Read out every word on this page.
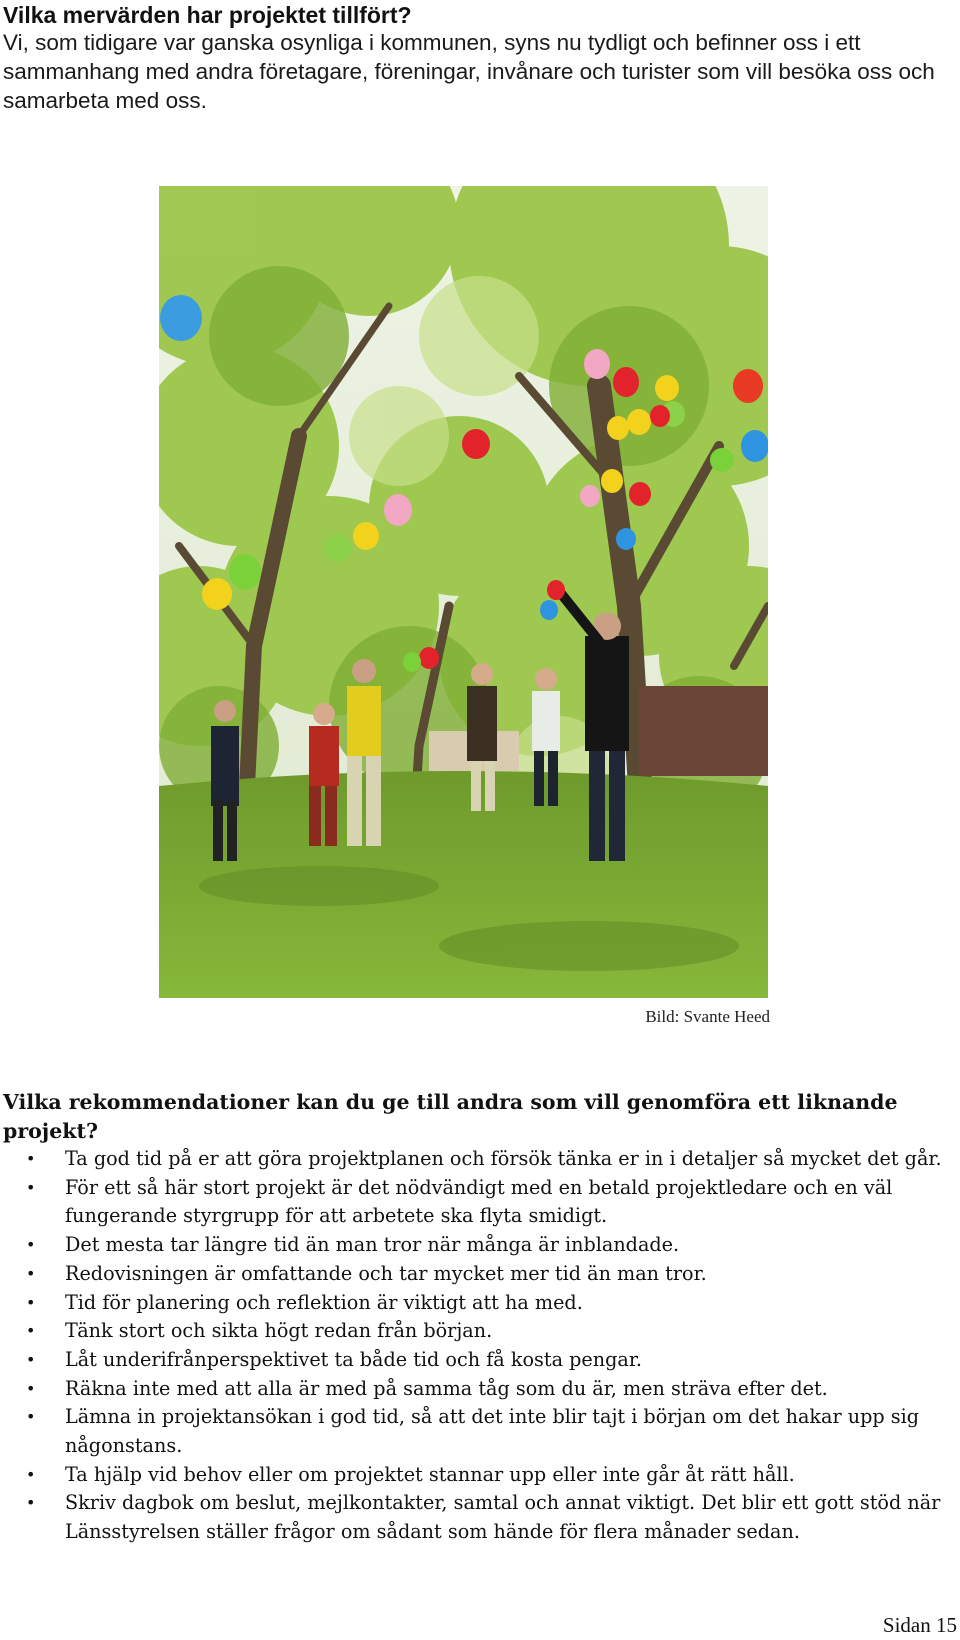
Vilka mervärden har projektet tillfört?

Vi, som tidigare var ganska osynliga i kommunen, syns nu tydligt och befinner oss i ett sammanhang med andra företagare, föreningar, invånare och turister som vill besöka oss och samarbeta med oss.

Bild: Svante Heed
Vilka rekommendationer kan du ge till andra som vill genomföra ett liknande projekt?
• Ta god tid på er att göra projektplanen och försök tänka er in i detaljer så mycket det går.
• För ett så här stort projekt är det nödvändigt med en betald projektledare och en väl fungerande styrgrupp för att arbetete ska flyta smidigt.
• Det mesta tar längre tid än man tror när många är inblandade.
• Redovisningen är omfattande och tar mycket mer tid än man tror.
• Tid för planering och reflektion är viktigt att ha med.
• Tänk stort och sikta högt redan från början.
• Låt underifrånperspektivet ta både tid och få kosta pengar.
• Räkna inte med att alla är med på samma tåg som du är, men sträva efter det.
• Lämna in projektansökan i god tid, så att det inte blir tajt i början om det hakar upp sig någonstans.
• Ta hjälp vid behov eller om projektet stannar upp eller inte går åt rätt håll.
• Skriv dagbok om beslut, mejlkontakter, samtal och annat viktigt. Det blir ett gott stöd när Länsstyrelsen ställer frågor om sådant som hände för flera månader sedan.
Sidan 15
